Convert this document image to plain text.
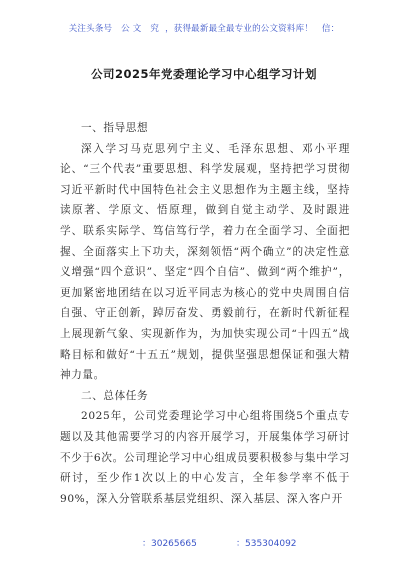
关注头条号 公 文 究 ，获得最新最全最专业的公文资料库！ 信：
公司2025年党委理论学习中心组学习计划

一、指导思想

深入学习马克思列宁主义、毛泽东思想、邓小平理论、“三个代表”重要思想、科学发展观，坚持把学习贯彻习近平新时代中国特色社会主义思想作为主题主线，坚持读原著、学原文、悟原理，做到自觉主动学、及时跟进学、联系实际学、笃信笃行学，着力在全面学习、全面把握、全面落实上下功夫，深刻领悟“两个确立”的决定性意义增强“四个意识”、坚定“四个自信”、做到“两个维护”，更加紧密地团结在以习近平同志为核心的党中央周围自信自强、守正创新，踔厉奋发、勇毅前行，在新时代新征程上展现新气象、实现新作为，为加快实现公司“十四五”战略目标和做好“十五五”规划，提供坚强思想保证和强大精神力量。

二、总体任务

2025年，公司党委理论学习中心组将围绕5个重点专题以及其他需要学习的内容开展学习，开展集体学习研讨不少于6次。公司理论学习中心组成员要积极参与集中学习研讨，至少作1次以上的中心发言，全年参学率不低于90%，深入分管联系基层党组织、深入基层、深入客户开

：30265665	：535304092
